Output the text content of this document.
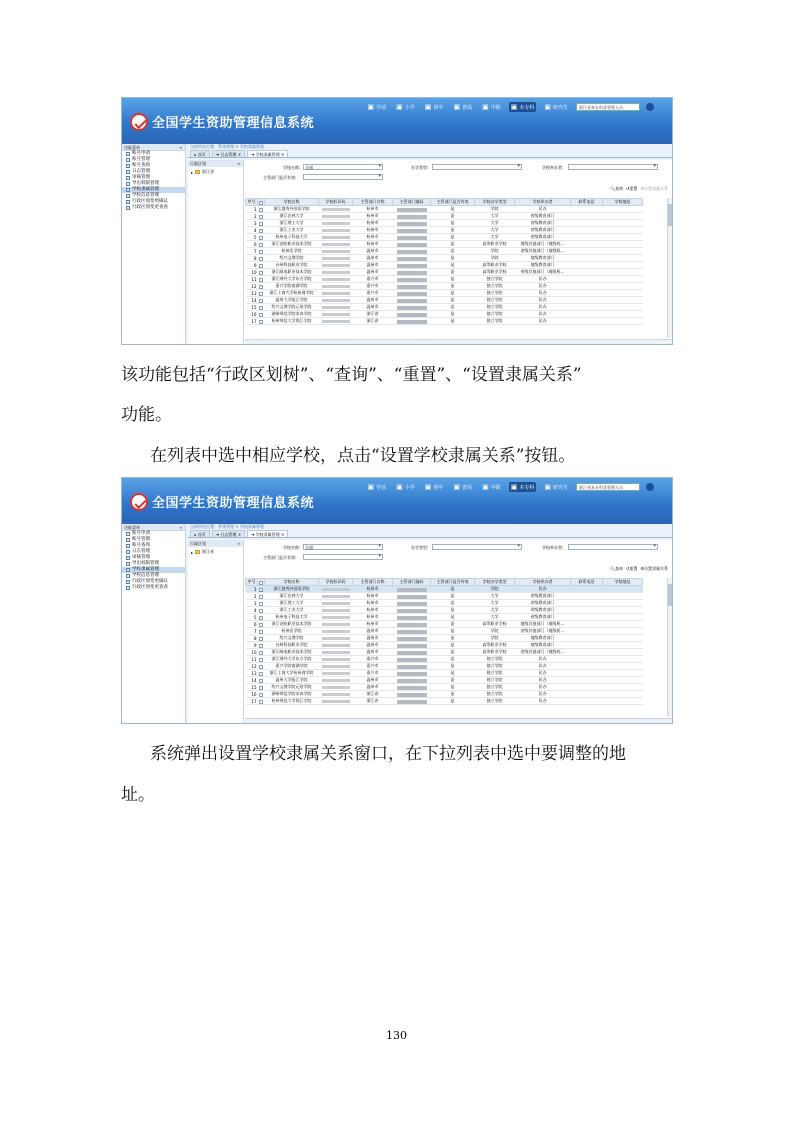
全国学生资助管理信息系统
▣ 学前 ▣ 小学 ▣ 初中 ▣ 普高 ▣ 中职 ▣ 本专科 ▣ 研究生	浙江省本专科非管理人员
功能菜单	«
账号申请
账号管理
账号查询
日志管理
审核管理
导出权限管理
学校隶属管理
学校信息管理
行政区划变更确认
行政区划变更查看
当前所在位置：系统管理 > 学校隶属管理
⌂ 首页	➔ 日志管理 ×	➔ 学校隶属管理 ×
行政区划	«
▸ 浙江省
学校名称:	全部 ▾	办学类型: ▾	学校举办者:
▾
主管部门是否有效:
▾
🔍查询 ↺重置 ⚙设置隶属关系
序号		学校名称	学校标识码	主管部门名称	主管部门编码	主管部门是否有效	学校办学类型	学校举办者	联系电话	学校地址
1		浙江越秀外国语学院		杭州市		是	学院	民办		
2		浙江农林大学		杭州市		是	大学	省级教育部门		
3		浙江理工大学		杭州市		是	大学	省级教育部门		
4		浙江工业大学		杭州市		是	大学	省级教育部门		
5		杭州电子科技大学		杭州市		是	大学	省级教育部门		
6		浙江安防职业技术学院		杭州市		是	高等职业学校	地级其他部门（地级机…		
7		杭州医学院		温州市		是	学院	省级其他部门（地级机…		
8		绍兴文理学院		温州市		是	学院	地级教育部门		
9		台州科技职业学院		温州市		是	高等职业学校	地级教育部门		
10		浙江邮电职业技术学院		温州市		是	高等职业学校	省级其他部门（地级机…		
11		浙江财经大学东方学院		嘉兴市		是	独立学院	民办		
12		嘉兴学院南湖学院		嘉兴市		是	独立学院	民办		
13		浙江工商大学杭州商学院		嘉兴市		是	独立学院	民办		
14		温州大学瓯江学院		温州市		是	独立学院	民办		
15		绍兴文理学院元培学院		温州市		是	独立学院	民办		
16		湖州师范学院求真学院		浙江省		是	独立学院	民办		
17		杭州师范大学钱江学院		浙江省		是	独立学院	民办		
该功能包括“行政区划树”、“查询”、“重置”、“设置隶属关系”
功能。
在列表中选中相应学校，点击“设置学校隶属关系”按钮。
全国学生资助管理信息系统
▣ 学前 ▣ 小学 ▣ 初中 ▣ 普高 ▣ 中职 ▣ 本专科 ▣ 研究生	浙江省本专科非管理人员
功能菜单	«
账号申请
账号管理
账号查询
日志管理
审核管理
导出权限管理
学校隶属管理
学校信息管理
行政区划变更确认
行政区划变更查看
当前所在位置：系统管理 > 学校隶属管理
⌂ 首页	➔ 日志管理 ×	➔ 学校隶属管理 ×
行政区划	«
▸ 浙江省
学校名称:	全部 ▾	办学类型: ▾	学校举办者:
▾
主管部门是否有效:
▾
🔍查询 ↺重置 ⚙设置隶属关系
序号		学校名称	学校标识码	主管部门名称	主管部门编码	主管部门是否有效	学校办学类型	学校举办者	联系电话	学校地址
1	✓	浙江越秀外国语学院		杭州市		是	学院	民办		
2		浙江农林大学		杭州市		是	大学	省级教育部门		
3		浙江理工大学		杭州市		是	大学	省级教育部门		
4		浙江工业大学		杭州市		是	大学	省级教育部门		
5		杭州电子科技大学		杭州市		是	大学	省级教育部门		
6		浙江安防职业技术学院		杭州市		是	高等职业学校	地级其他部门（地级机…		
7		杭州医学院		温州市		是	学院	省级其他部门（地级机…		
8		绍兴文理学院		温州市		是	学院	地级教育部门		
9		台州科技职业学院		温州市		是	高等职业学校	地级教育部门		
10		浙江邮电职业技术学院		温州市		是	高等职业学校	省级其他部门（地级机…		
11		浙江财经大学东方学院		嘉兴市		是	独立学院	民办		
12		嘉兴学院南湖学院		嘉兴市		是	独立学院	民办		
13		浙江工商大学杭州商学院		嘉兴市		是	独立学院	民办		
14		温州大学瓯江学院		温州市		是	独立学院	民办		
15		绍兴文理学院元培学院		温州市		是	独立学院	民办		
16		湖州师范学院求真学院		浙江省		是	独立学院	民办		
17		杭州师范大学钱江学院		浙江省		是	独立学院	民办		
系统弹出设置学校隶属关系窗口，在下拉列表中选中要调整的地
址。
130
